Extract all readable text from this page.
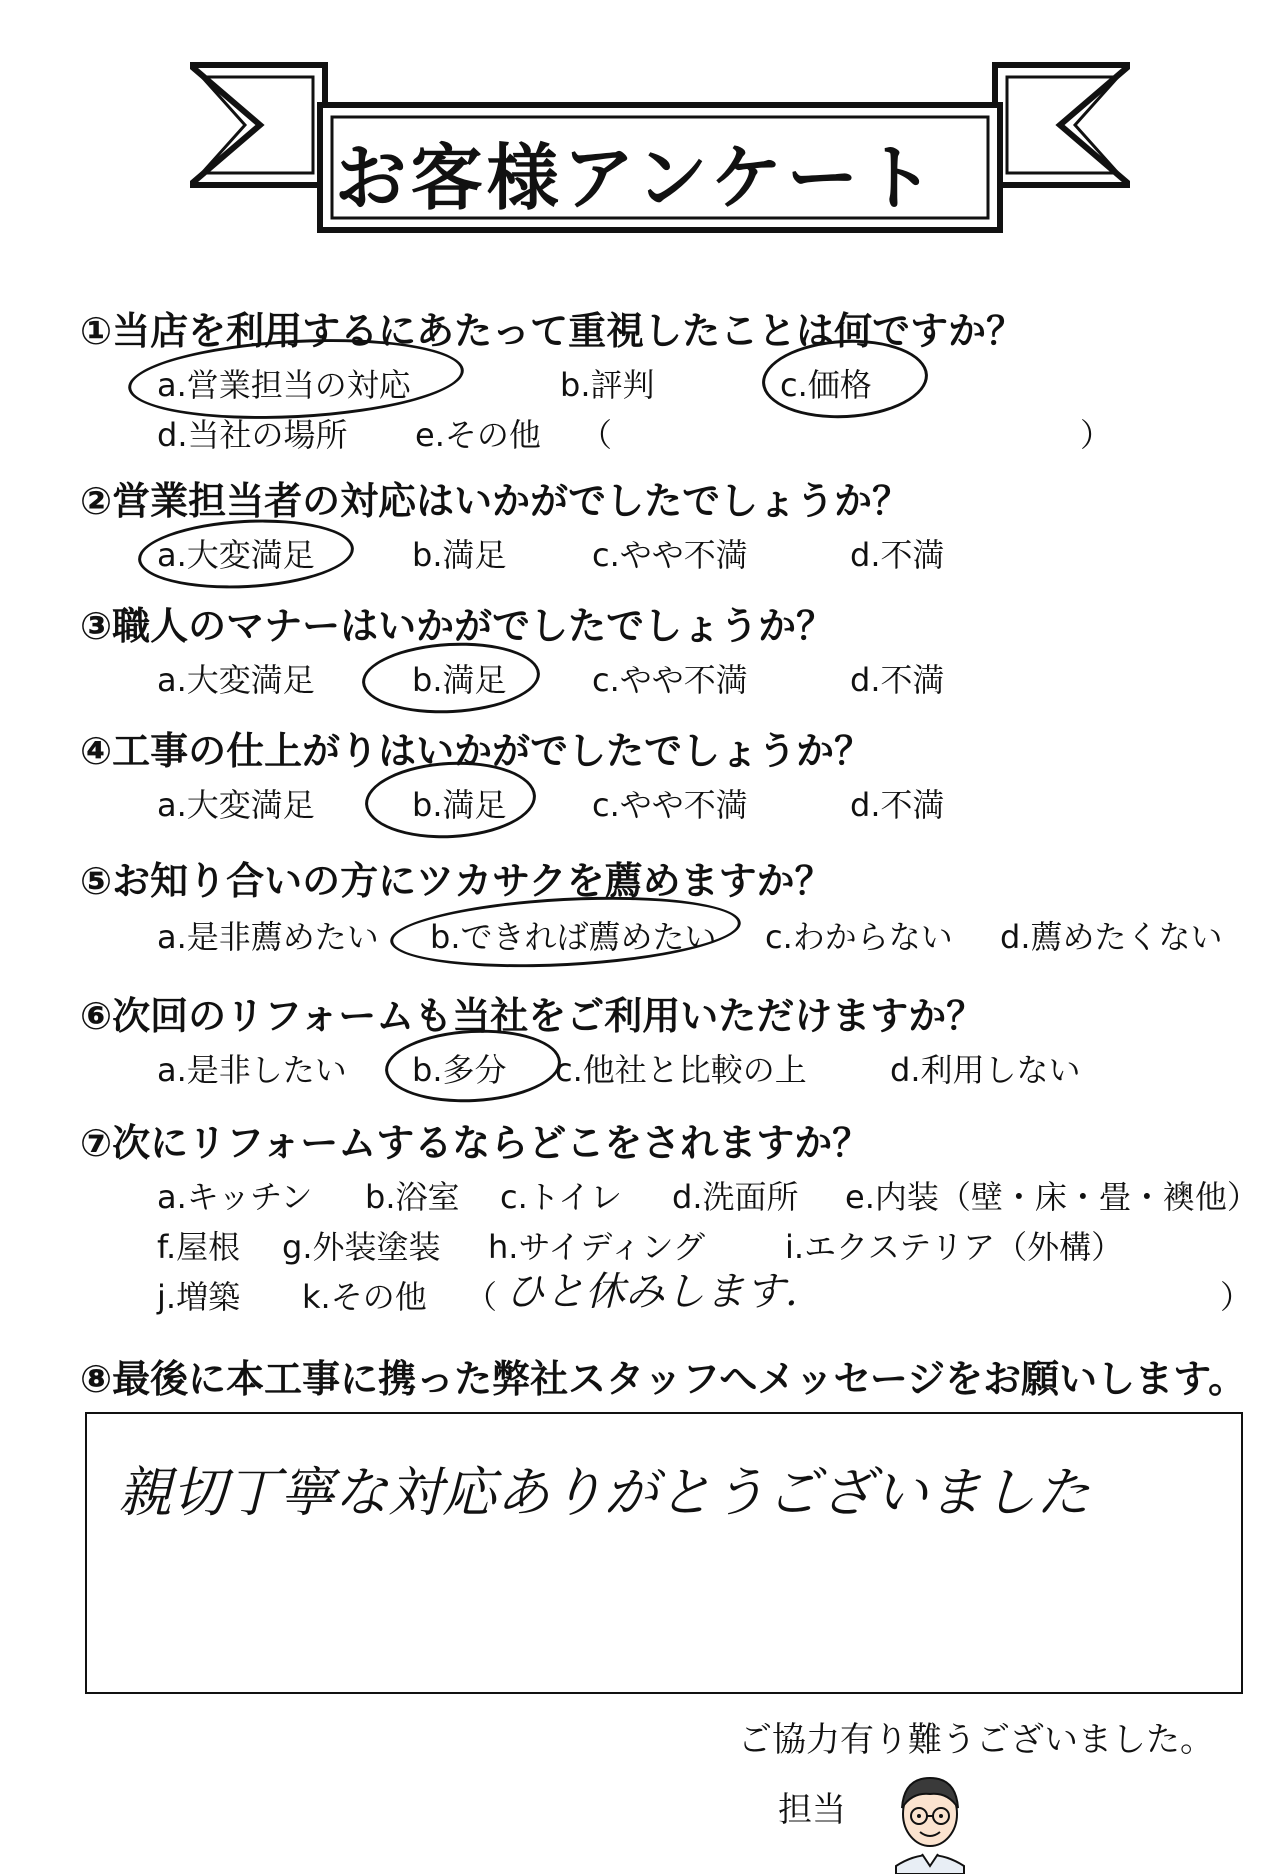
お客様アンケート
①当店を利用するにあたって重視したことは何ですか？
a.営業担当の対応	b.評判	c.価格
d.当社の場所 e.その他 （	）
②営業担当者の対応はいかがでしたでしょうか？
a.大変満足	b.満足	c.やや不満	d.不満
③職人のマナーはいかがでしたでしょうか？
a.大変満足	b.満足	c.やや不満	d.不満
④工事の仕上がりはいかがでしたでしょうか？
a.大変満足	b.満足	c.やや不満	d.不満
⑤お知り合いの方にツカサクを薦めますか？
a.是非薦めたい b.できれば薦めたい c.わからない d.薦めたくない
⑥次回のリフォームも当社をご利用いただけますか？
a.是非したい b.多分 c.他社と比較の上	d.利用しない
⑦次にリフォームするならどこをされますか？
a.キッチン b.浴室 c.トイレ d.洗面所 e.内装（壁・床・畳・襖他）
f.屋根 g.外装塗装 h.サイディング i.エクステリア（外構）
j.増築 k.その他 （	）
ひと休みします.
⑧最後に本工事に携った弊社スタッフへメッセージをお願いします。
親切丁寧な対応ありがとうございました
ご協力有り難うございました。
担当
